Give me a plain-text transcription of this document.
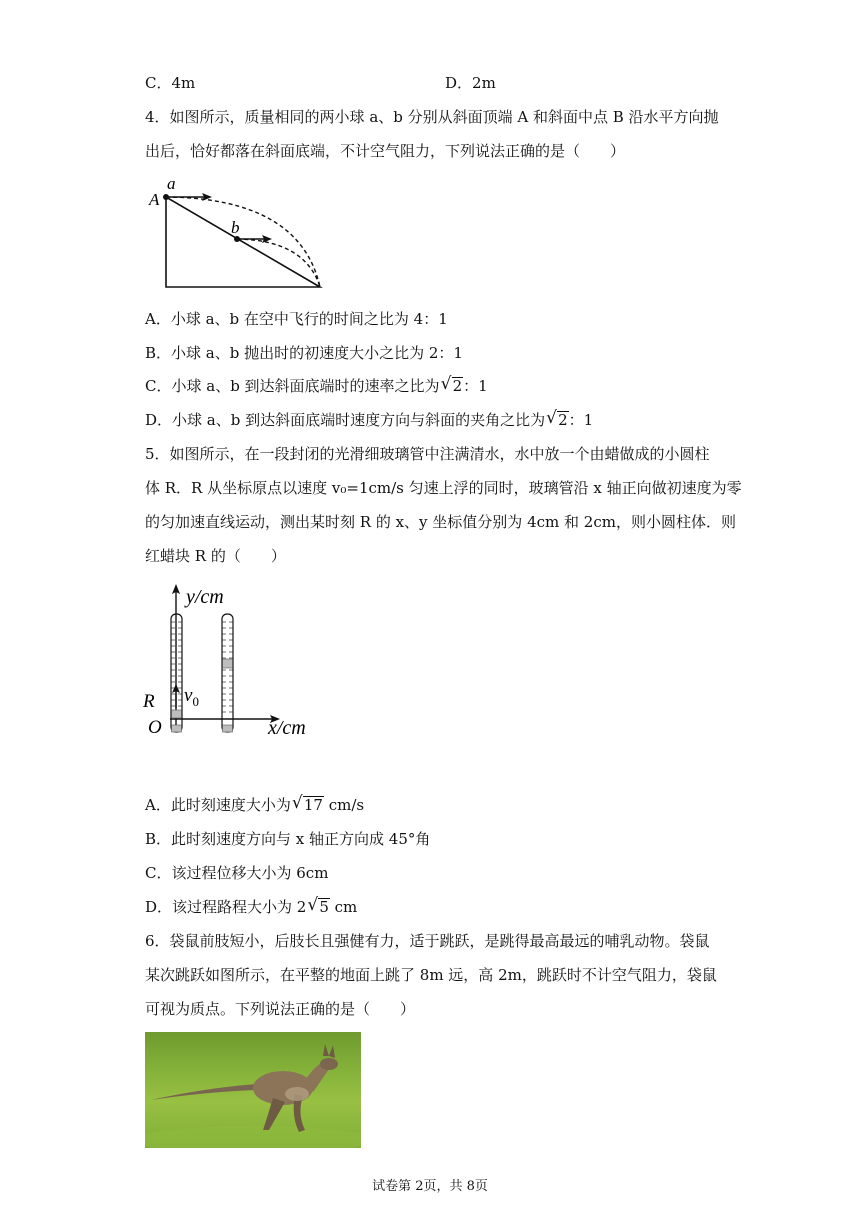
C．4m	D．2m
4．如图所示，质量相同的两小球 a、b 分别从斜面顶端 A 和斜面中点 B 沿水平方向抛
出后，恰好都落在斜面底端，不计空气阻力，下列说法正确的是（　　）
a
A
b
A．小球 a、b 在空中飞行的时间之比为 4：1
B．小球 a、b 抛出时的初速度大小之比为 2：1
C．小球 a、b 到达斜面底端时的速率之比为 √ 2：1
D．小球 a、b 到达斜面底端时速度方向与斜面的夹角之比为 √ 2：1
5．如图所示，在一段封闭的光滑细玻璃管中注满清水，水中放一个由蜡做成的小圆柱
体 R．R 从坐标原点以速度 v₀=1cm/s 匀速上浮的同时，玻璃管沿 x 轴正向做初速度为零
的匀加速直线运动，测出某时刻 R 的 x、y 坐标值分别为 4cm 和 2cm，则小圆柱体．则
红蜡块 R 的（　　）
y/cm
x/cm
R
O
$v_0$
A．此时刻速度大小为 √ 17 cm/s
B．此时刻速度方向与 x 轴正方向成 45°角
C．该过程位移大小为 6cm
D．该过程路程大小为 2 √ 5 cm
6．袋鼠前肢短小，后肢长且强健有力，适于跳跃，是跳得最高最远的哺乳动物。袋鼠
某次跳跃如图所示，在平整的地面上跳了 8m 远，高 2m，跳跃时不计空气阻力，袋鼠
可视为质点。下列说法正确的是（　　）
试卷第 2页，共 8页
